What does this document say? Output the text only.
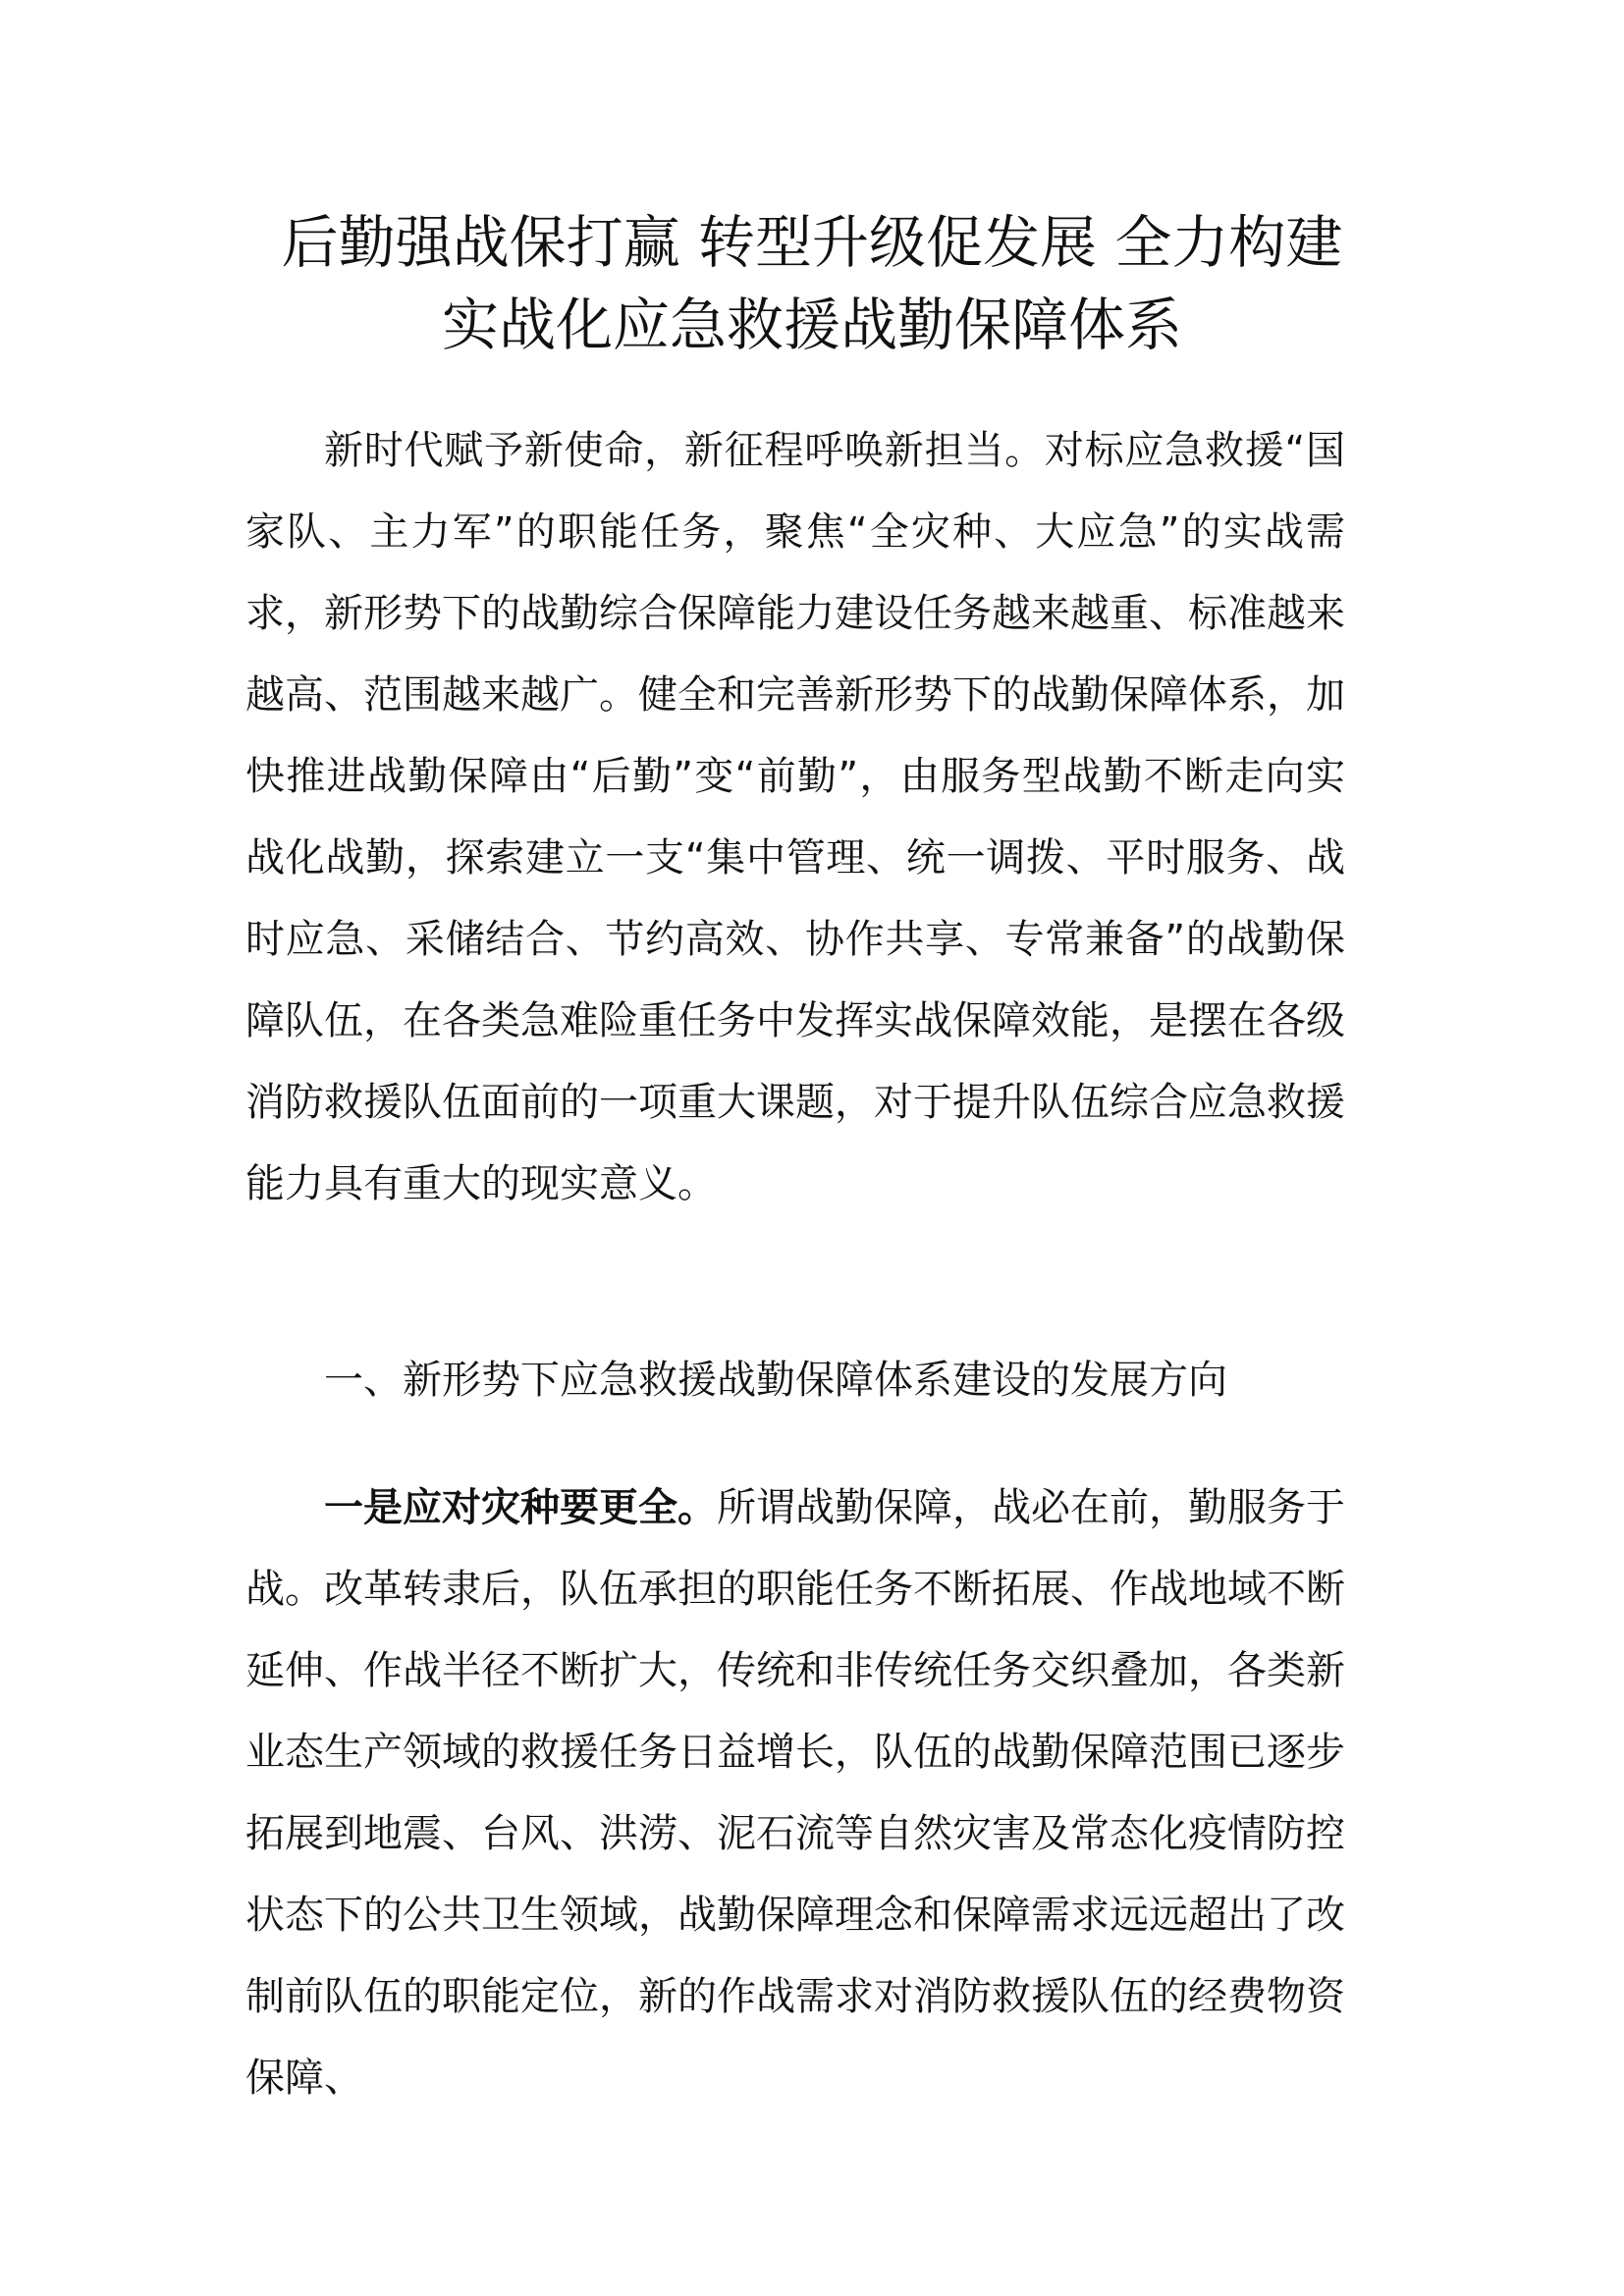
后勤强战保打赢 转型升级促发展 全力构建
实战化应急救援战勤保障体系

新时代赋予新使命，新征程呼唤新担当。对标应急救援“国家队、主力军”的职能任务，聚焦“全灾种、大应急”的实战需求，新形势下的战勤综合保障能力建设任务越来越重、标准越来越高、范围越来越广。健全和完善新形势下的战勤保障体系，加快推进战勤保障由“后勤”变“前勤”，由服务型战勤不断走向实战化战勤，探索建立一支“集中管理、统一调拨、平时服务、战时应急、采储结合、节约高效、协作共享、专常兼备”的战勤保障队伍，在各类急难险重任务中发挥实战保障效能，是摆在各级消防救援队伍面前的一项重大课题，对于提升队伍综合应急救援能力具有重大的现实意义。

一、新形势下应急救援战勤保障体系建设的发展方向

一是应对灾种要更全。所谓战勤保障，战必在前，勤服务于战。改革转隶后，队伍承担的职能任务不断拓展、作战地域不断延伸、作战半径不断扩大，传统和非传统任务交织叠加，各类新业态生产领域的救援任务日益增长，队伍的战勤保障范围已逐步拓展到地震、台风、洪涝、泥石流等自然灾害及常态化疫情防控状态下的公共卫生领域，战勤保障理念和保障需求远远超出了改制前队伍的职能定位，新的作战需求对消防救援队伍的经费物资保障、
